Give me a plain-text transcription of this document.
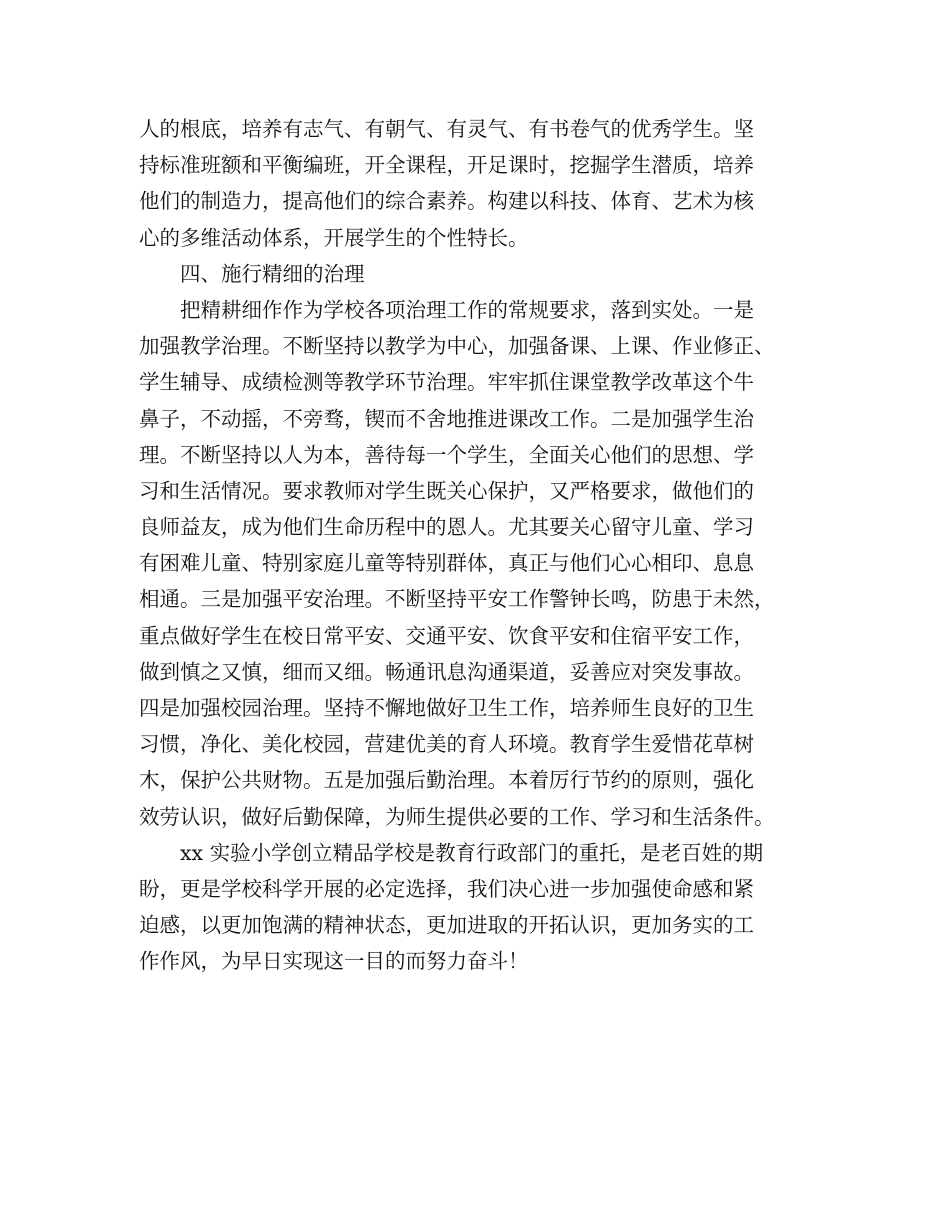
人的根底，培养有志气、有朝气、有灵气、有书卷气的优秀学生。坚
持标准班额和平衡编班，开全课程，开足课时，挖掘学生潜质，培养
他们的制造力，提高他们的综合素养。构建以科技、体育、艺术为核
心的多维活动体系，开展学生的个性特长。
四、施行精细的治理
把精耕细作作为学校各项治理工作的常规要求，落到实处。一是
加强教学治理。不断坚持以教学为中心，加强备课、上课、作业修正、
学生辅导、成绩检测等教学环节治理。牢牢抓住课堂教学改革这个牛
鼻子，不动摇，不旁骛，锲而不舍地推进课改工作。二是加强学生治
理。不断坚持以人为本，善待每一个学生，全面关心他们的思想、学
习和生活情况。要求教师对学生既关心保护，又严格要求，做他们的
良师益友，成为他们生命历程中的恩人。尤其要关心留守儿童、学习
有困难儿童、特别家庭儿童等特别群体，真正与他们心心相印、息息
相通。三是加强平安治理。不断坚持平安工作警钟长鸣，防患于未然，
重点做好学生在校日常平安、交通平安、饮食平安和住宿平安工作，
做到慎之又慎，细而又细。畅通讯息沟通渠道，妥善应对突发事故。
四是加强校园治理。坚持不懈地做好卫生工作，培养师生良好的卫生
习惯，净化、美化校园，营建优美的育人环境。教育学生爱惜花草树
木，保护公共财物。五是加强后勤治理。本着厉行节约的原则，强化
效劳认识，做好后勤保障，为师生提供必要的工作、学习和生活条件。
xx 实验小学创立精品学校是教育行政部门的重托，是老百姓的期
盼，更是学校科学开展的必定选择，我们决心进一步加强使命感和紧
迫感，以更加饱满的精神状态，更加进取的开拓认识，更加务实的工
作作风，为早日实现这一目的而努力奋斗！
